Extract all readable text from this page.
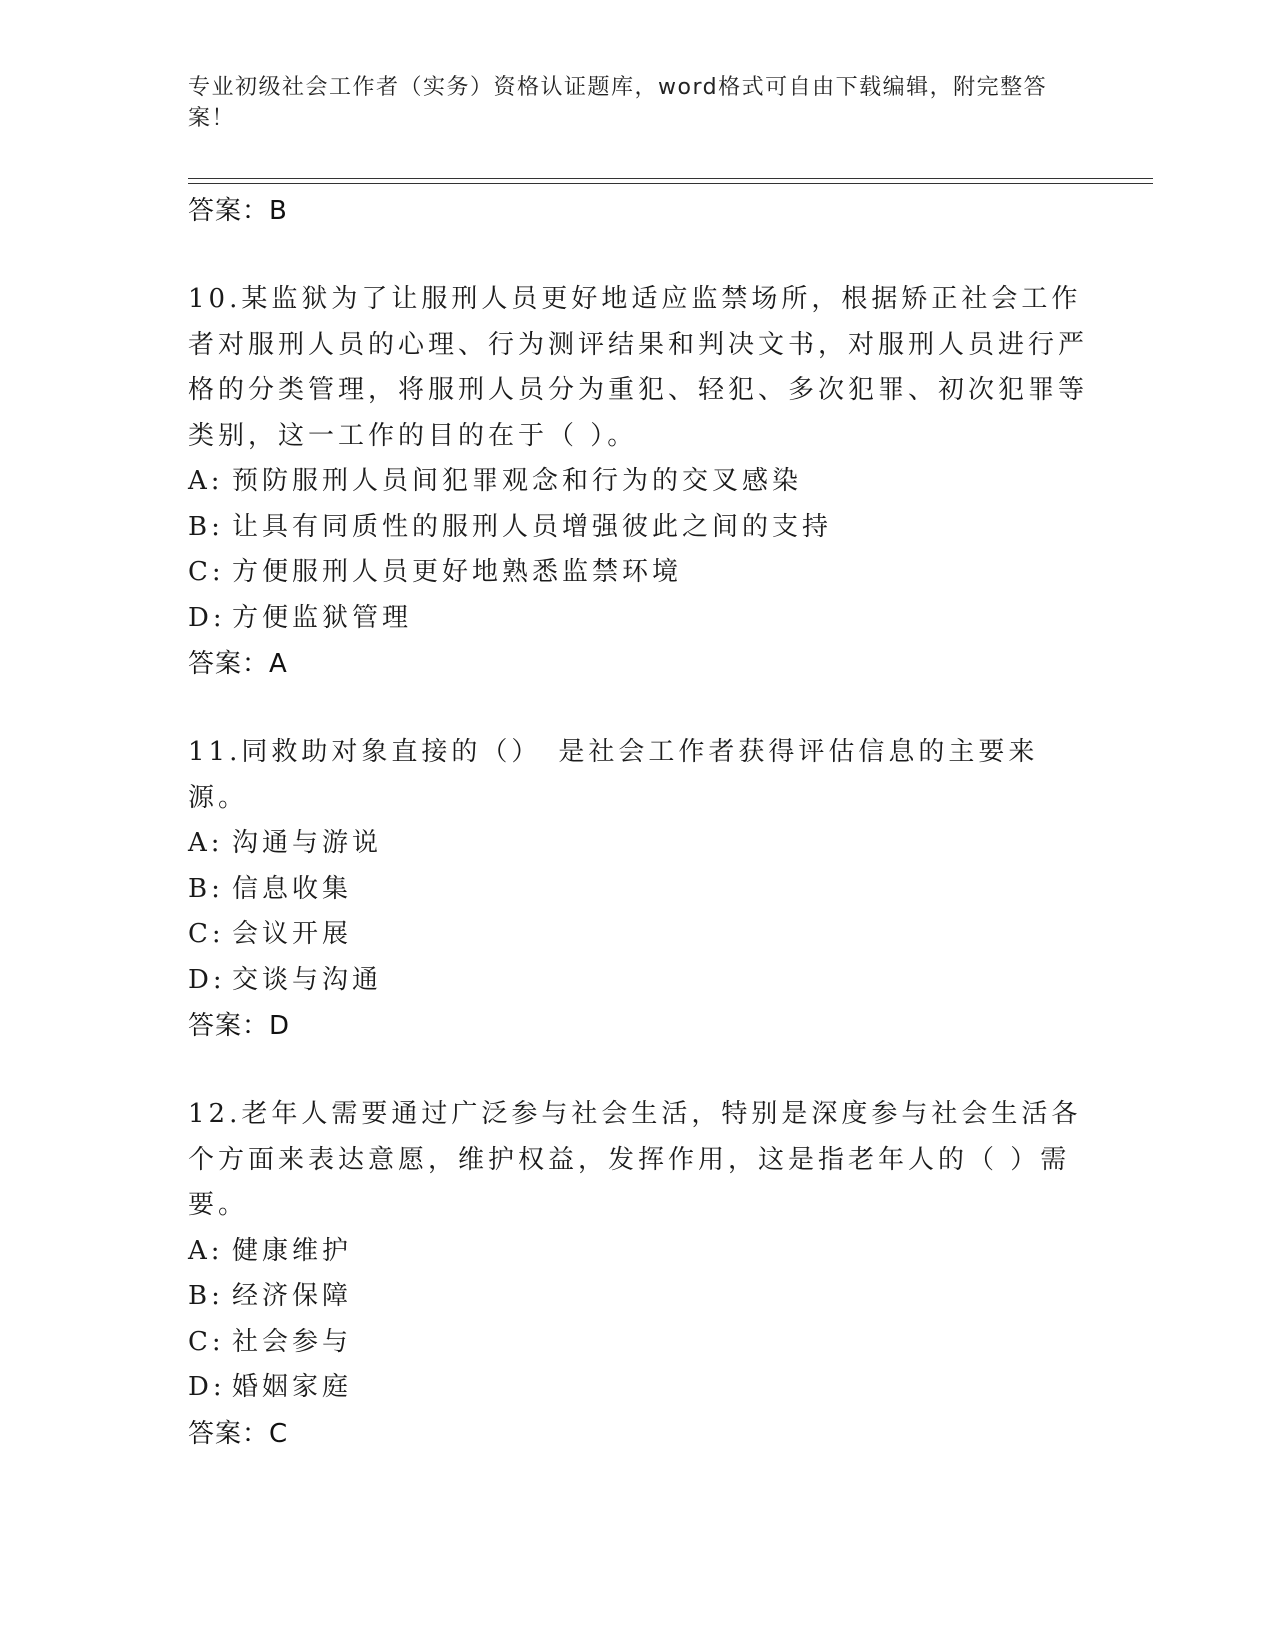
专业初级社会工作者（实务）资格认证题库，word格式可自由下载编辑，附完整答案！
答案：B
10.某监狱为了让服刑人员更好地适应监禁场所，根据矫正社会工作者对服刑人员的心理、行为测评结果和判决文书，对服刑人员进行严格的分类管理，将服刑人员分为重犯、轻犯、多次犯罪、初次犯罪等类别，这一工作的目的在于（ ）。
A: 预防服刑人员间犯罪观念和行为的交叉感染
B: 让具有同质性的服刑人员增强彼此之间的支持
C: 方便服刑人员更好地熟悉监禁环境
D: 方便监狱管理
答案：A
11.同救助对象直接的（）　是社会工作者获得评估信息的主要来源。
A: 沟通与游说
B: 信息收集
C: 会议开展
D: 交谈与沟通
答案：D
12.老年人需要通过广泛参与社会生活，特别是深度参与社会生活各个方面来表达意愿，维护权益，发挥作用，这是指老年人的（ ）需要。
A: 健康维护
B: 经济保障
C: 社会参与
D: 婚姻家庭
答案：C
